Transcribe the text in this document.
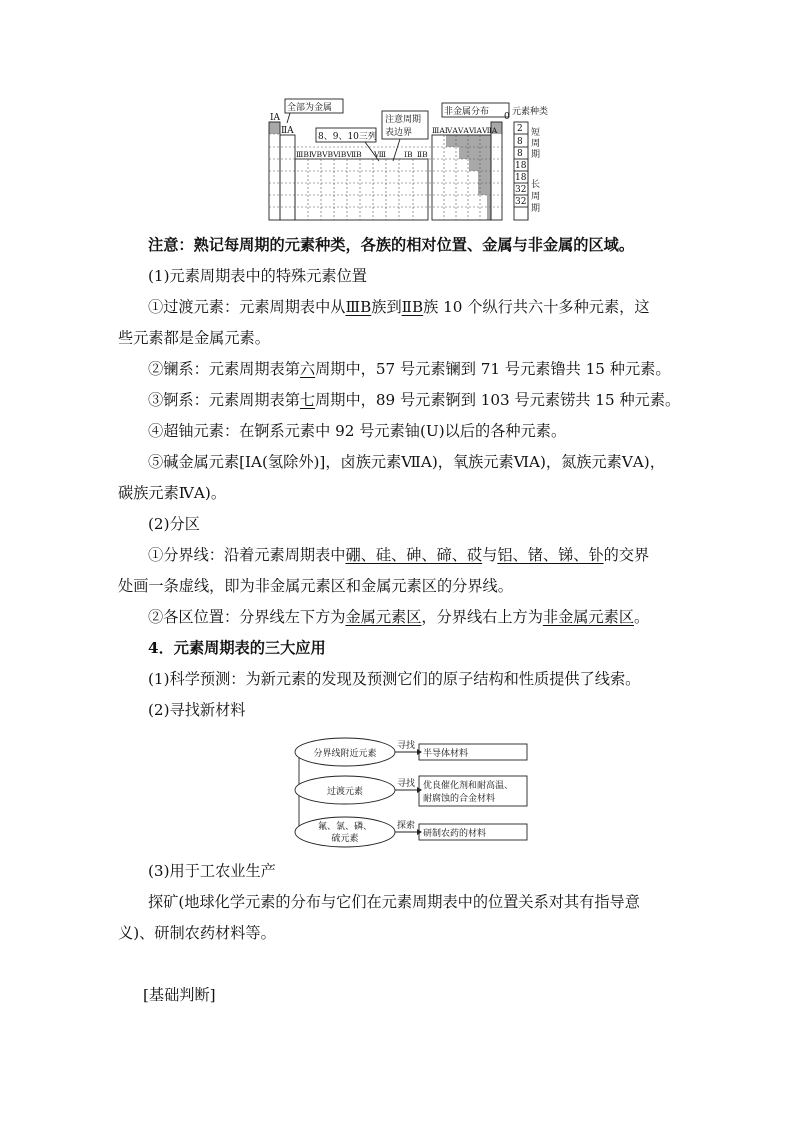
ⅠA
ⅡA
全部为金属
8、9、10三列
注意周期
表边界
非金属分布 0 元素种类
ⅢBⅣBⅤBⅥBⅦB Ⅷ ⅠB ⅡB
ⅢAⅣAⅤAⅥAⅦA 2
8
8
18
18
32
32
短
周
期
长
周
期

注意：熟记每周期的元素种类，各族的相对位置、金属与非金属的区域。

(1)元素周期表中的特殊元素位置

①过渡元素：元素周期表中从ⅢB族到ⅡB族 10 个纵行共六十多种元素，这

些元素都是金属元素。

②镧系：元素周期表第六周期中，57 号元素镧到 71 号元素镥共 15 种元素。

③锕系：元素周期表第七周期中，89 号元素锕到 103 号元素铹共 15 种元素。

④超铀元素：在锕系元素中 92 号元素铀(U)以后的各种元素。

⑤碱金属元素[ⅠA(氢除外)]，卤族元素ⅦA)，氧族元素ⅥA)，氮族元素ⅤA)，

碳族元素ⅣA)。

(2)分区

①分界线：沿着元素周期表中硼、硅、砷、碲、砹与铝、锗、锑、钋的交界

处画一条虚线，即为非金属元素区和金属元素区的分界线。

②各区位置：分界线左下方为金属元素区，分界线右上方为非金属元素区。

4．元素周期表的三大应用

(1)科学预测：为新元素的发现及预测它们的原子结构和性质提供了线索。

(2)寻找新材料

分界线附近元素
过渡元素
氟、氯、磷、
硫元素
寻找
寻找
探索
半导体材料
优良催化剂和耐高温、
耐腐蚀的合金材料
研制农药的材料

(3)用于工农业生产

探矿(地球化学元素的分布与它们在元素周期表中的位置关系对其有指导意

义)、研制农药材料等。

[基础判断]
